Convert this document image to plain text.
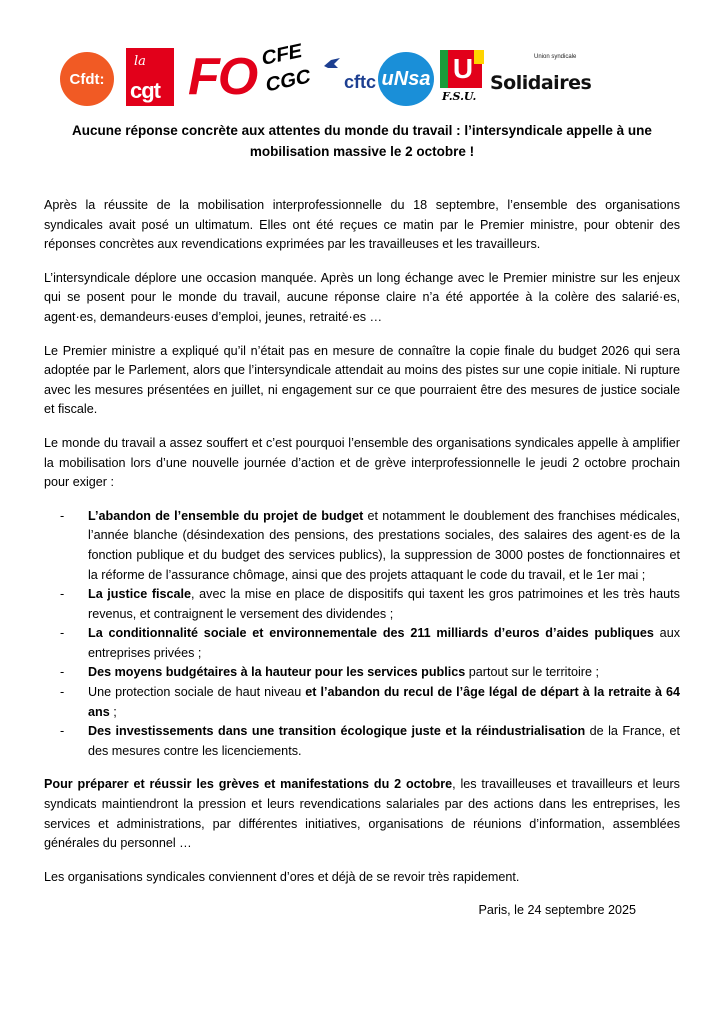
Cfdt:
la
cgt FO CFE
CGC cftc uNsa U
F.S.U.
Union syndicale
Solidaires
Aucune réponse concrète aux attentes du monde du travail : l’intersyndicale appelle à une mobilisation massive le 2 octobre !

Après la réussite de la mobilisation interprofessionnelle du 18 septembre, l’ensemble des organisations syndicales avait posé un ultimatum. Elles ont été reçues ce matin par le Premier ministre, pour obtenir des réponses concrètes aux revendications exprimées par les travailleuses et les travailleurs.

L’intersyndicale déplore une occasion manquée. Après un long échange avec le Premier ministre sur les enjeux qui se posent pour le monde du travail, aucune réponse claire n’a été apportée à la colère des salarié·es, agent·es, demandeurs·euses d’emploi, jeunes, retraité·es …

Le Premier ministre a expliqué qu’il n’était pas en mesure de connaître la copie finale du budget 2026 qui sera adoptée par le Parlement, alors que l’intersyndicale attendait au moins des pistes sur une copie initiale. Ni rupture avec les mesures présentées en juillet, ni engagement sur ce que pourraient être des mesures de justice sociale et fiscale.

Le monde du travail a assez souffert et c’est pourquoi l’ensemble des organisations syndicales appelle à amplifier la mobilisation lors d’une nouvelle journée d’action et de grève interprofessionnelle le jeudi 2 octobre prochain pour exiger :

- L’abandon de l’ensemble du projet de budget et notamment le doublement des franchises médicales, l’année blanche (désindexation des pensions, des prestations sociales, des salaires des agent·es de la fonction publique et du budget des services publics), la suppression de 3000 postes de fonctionnaires et la réforme de l’assurance chômage, ainsi que des projets attaquant le code du travail, et le 1er mai ;
- La justice fiscale, avec la mise en place de dispositifs qui taxent les gros patrimoines et les très hauts revenus, et contraignent le versement des dividendes ;
- La conditionnalité sociale et environnementale des 211 milliards d’euros d’aides publiques aux entreprises privées ;
- Des moyens budgétaires à la hauteur pour les services publics partout sur le territoire ;
- Une protection sociale de haut niveau et l’abandon du recul de l’âge légal de départ à la retraite à 64 ans ;
- Des investissements dans une transition écologique juste et la réindustrialisation de la France, et des mesures contre les licenciements.

Pour préparer et réussir les grèves et manifestations du 2 octobre, les travailleuses et travailleurs et leurs syndicats maintiendront la pression et leurs revendications salariales par des actions dans les entreprises, les services et administrations, par différentes initiatives, organisations de réunions d’information, assemblées générales du personnel …

Les organisations syndicales conviennent d’ores et déjà de se revoir très rapidement.

Paris, le 24 septembre 2025
